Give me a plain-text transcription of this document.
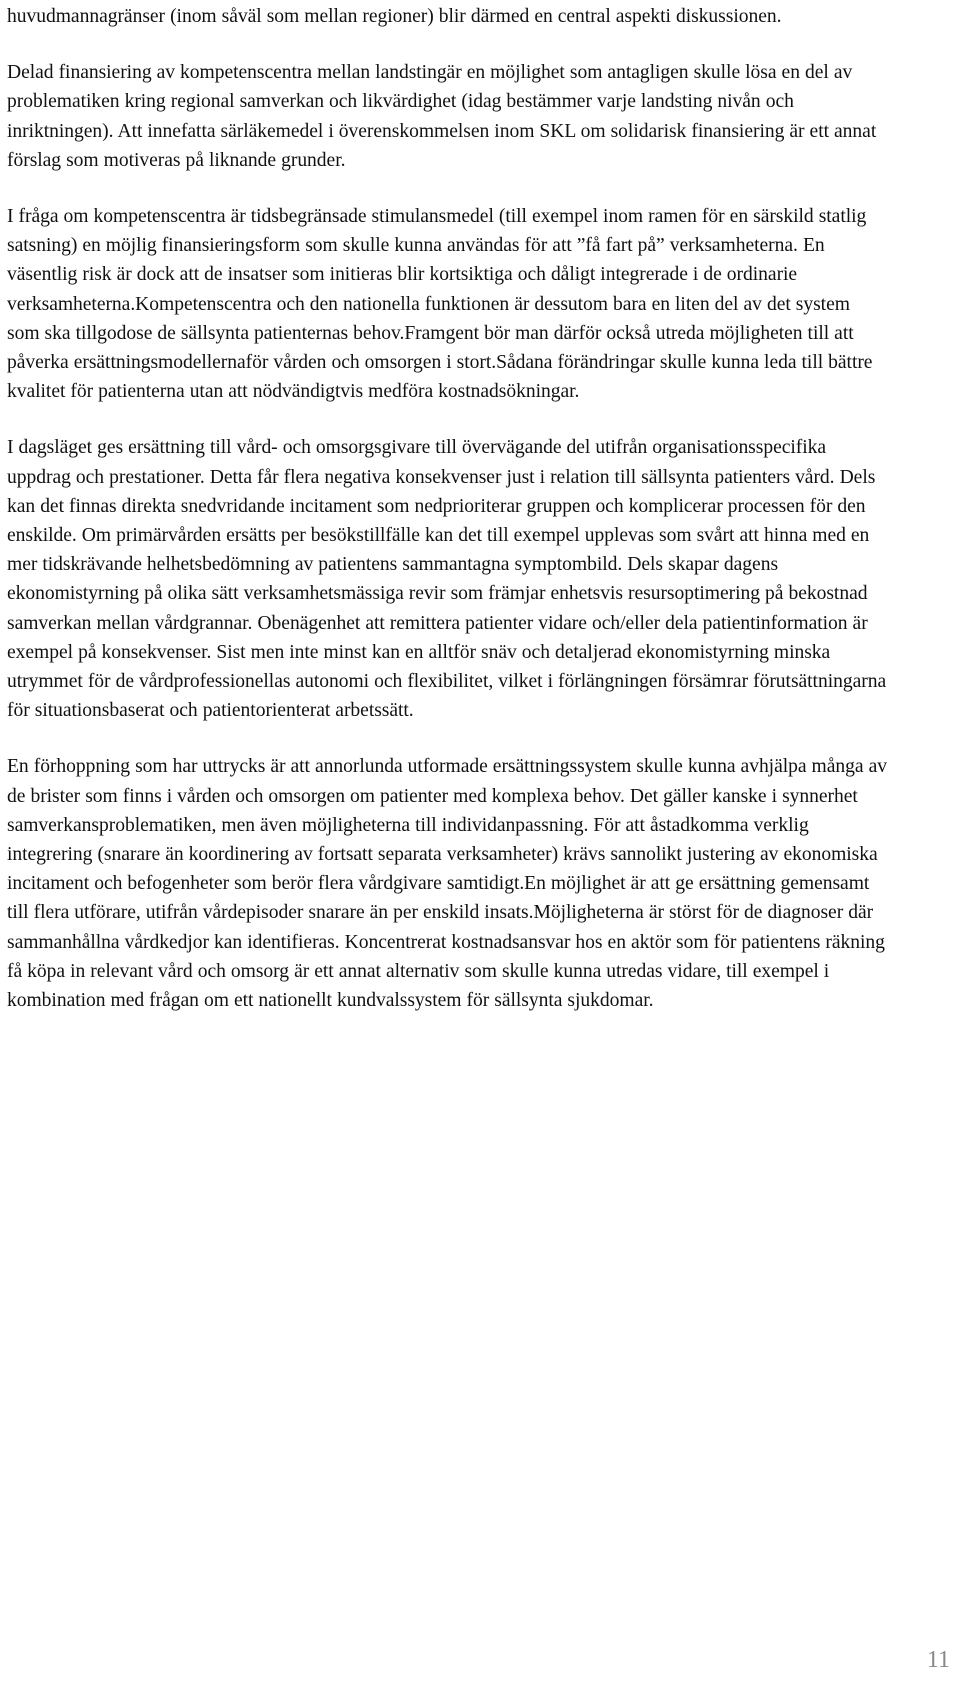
huvudmannagränser (inom såväl som mellan regioner) blir därmed en central aspekti diskussionen.

Delad finansiering av kompetenscentra mellan landstingär en möjlighet som antagligen skulle lösa en del av problematiken kring regional samverkan och likvärdighet (idag bestämmer varje landsting nivån och inriktningen). Att innefatta särläkemedel i överenskommelsen inom SKL om solidarisk finansiering är ett annat förslag som motiveras på liknande grunder.

I fråga om kompetenscentra är tidsbegränsade stimulansmedel (till exempel inom ramen för en särskild statlig satsning) en möjlig finansieringsform som skulle kunna användas för att ”få fart på” verksamheterna. En väsentlig risk är dock att de insatser som initieras blir kortsiktiga och dåligt integrerade i de ordinarie verksamheterna.Kompetenscentra och den nationella funktionen är dessutom bara en liten del av det system som ska tillgodose de sällsynta patienternas behov.Framgent bör man därför också utreda möjligheten till att påverka ersättningsmodellernaför vården och omsorgen i stort.Sådana förändringar skulle kunna leda till bättre kvalitet för patienterna utan att nödvändigtvis medföra kostnadsökningar.

I dagsläget ges ersättning till vård- och omsorgsgivare till övervägande del utifrån organisationsspecifika uppdrag och prestationer. Detta får flera negativa konsekvenser just i relation till sällsynta patienters vård. Dels kan det finnas direkta snedvridande incitament som nedprioriterar gruppen och komplicerar processen för den enskilde. Om primärvården ersätts per besökstillfälle kan det till exempel upplevas som svårt att hinna med en mer tidskrävande helhetsbedömning av patientens sammantagna symptombild. Dels skapar dagens ekonomistyrning på olika sätt verksamhetsmässiga revir som främjar enhetsvis resursoptimering på bekostnad samverkan mellan vårdgrannar. Obenägenhet att remittera patienter vidare och/eller dela patientinformation är exempel på konsekvenser. Sist men inte minst kan en alltför snäv och detaljerad ekonomistyrning minska utrymmet för de vårdprofessionellas autonomi och flexibilitet, vilket i förlängningen försämrar förutsättningarna för situationsbaserat och patientorienterat arbetssätt.

En förhoppning som har uttrycks är att annorlunda utformade ersättningssystem skulle kunna avhjälpa många av de brister som finns i vården och omsorgen om patienter med komplexa behov. Det gäller kanske i synnerhet samverkansproblematiken, men även möjligheterna till individanpassning. För att åstadkomma verklig integrering (snarare än koordinering av fortsatt separata verksamheter) krävs sannolikt justering av ekonomiska incitament och befogenheter som berör flera vårdgivare samtidigt.En möjlighet är att ge ersättning gemensamt till flera utförare, utifrån vårdepisoder snarare än per enskild insats.Möjligheterna är störst för de diagnoser där sammanhållna vårdkedjor kan identifieras. Koncentrerat kostnadsansvar hos en aktör som för patientens räkning få köpa in relevant vård och omsorg är ett annat alternativ som skulle kunna utredas vidare, till exempel i kombination med frågan om ett nationellt kundvalssystem för sällsynta sjukdomar.

11
